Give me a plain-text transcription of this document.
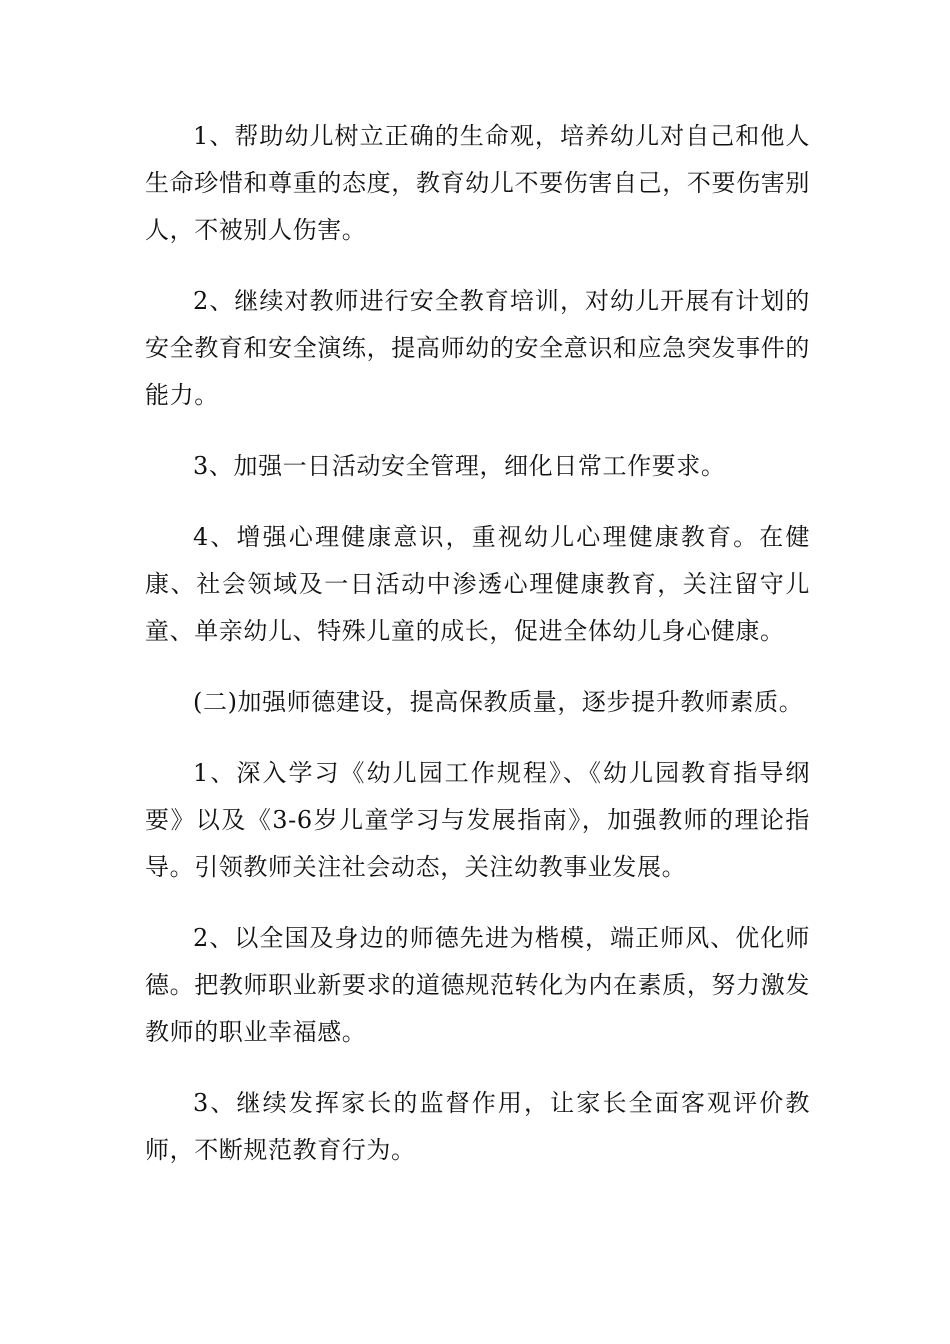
1、帮助幼儿树立正确的生命观，培养幼儿对自己和他人生命珍惜和尊重的态度，教育幼儿不要伤害自己，不要伤害别人，不被别人伤害。

2、继续对教师进行安全教育培训，对幼儿开展有计划的安全教育和安全演练，提高师幼的安全意识和应急突发事件的能力。

3、加强一日活动安全管理，细化日常工作要求。

4、增强心理健康意识，重视幼儿心理健康教育。在健康、社会领域及一日活动中渗透心理健康教育，关注留守儿童、单亲幼儿、特殊儿童的成长，促进全体幼儿身心健康。

(二)加强师德建设，提高保教质量，逐步提升教师素质。

1、深入学习《幼儿园工作规程》、《幼儿园教育指导纲要》以及《3-6岁儿童学习与发展指南》，加强教师的理论指导。引领教师关注社会动态，关注幼教事业发展。

2、以全国及身边的师德先进为楷模，端正师风、优化师德。把教师职业新要求的道德规范转化为内在素质，努力激发教师的职业幸福感。

3、继续发挥家长的监督作用，让家长全面客观评价教师，不断规范教育行为。
